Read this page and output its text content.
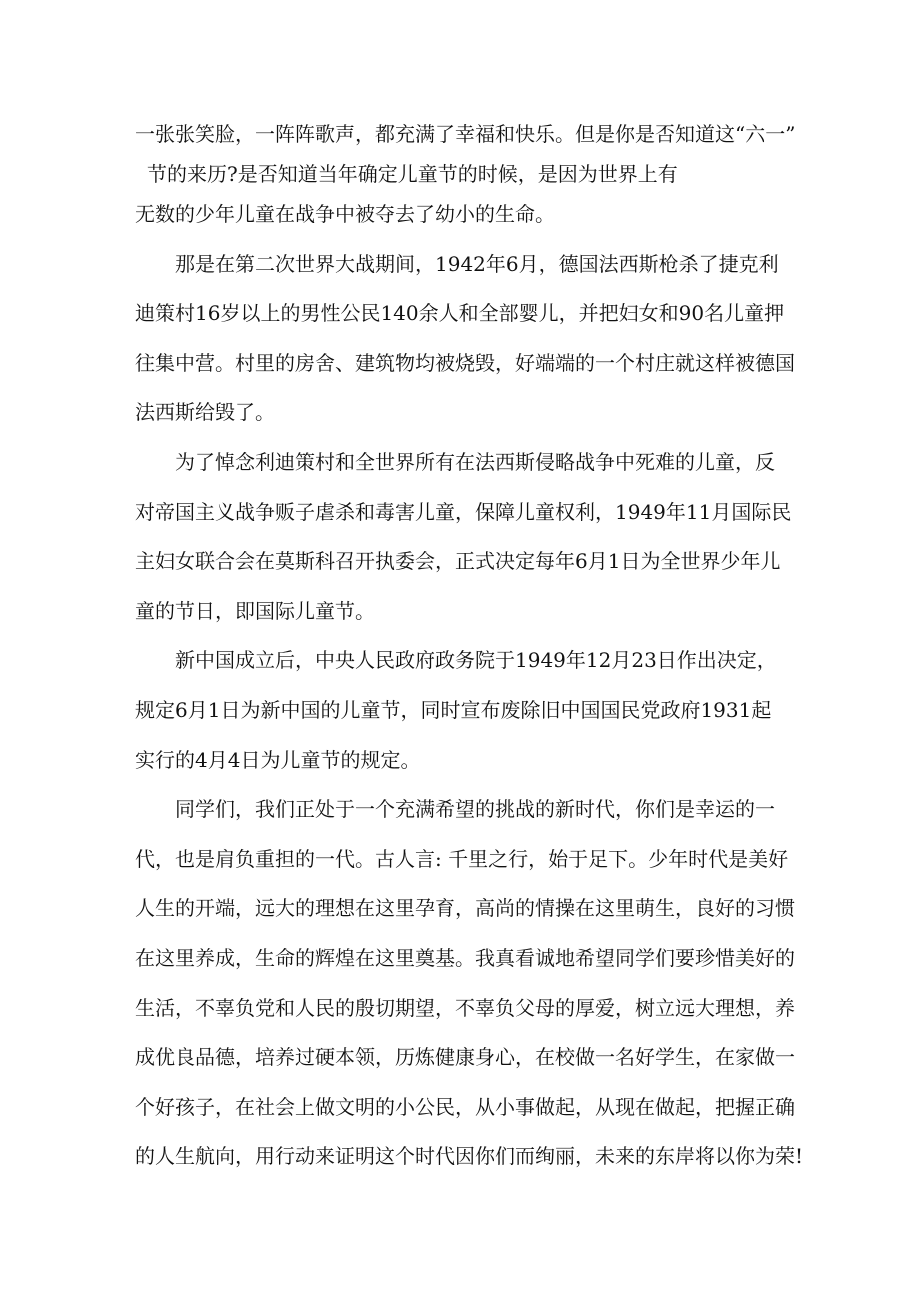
一张张笑脸，一阵阵歌声，都充满了幸福和快乐。但是你是否知道这“六一”
节的来历?是否知道当年确定儿童节的时候，是因为世界上有
无数的少年儿童在战争中被夺去了幼小的生命。
那是在第二次世界大战期间，1942年6月，德国法西斯枪杀了捷克利
迪策村16岁以上的男性公民140余人和全部婴儿，并把妇女和90名儿童押
往集中营。村里的房舍、建筑物均被烧毁，好端端的一个村庄就这样被德国
法西斯给毁了。
为了悼念利迪策村和全世界所有在法西斯侵略战争中死难的儿童，反
对帝国主义战争贩子虐杀和毒害儿童，保障儿童权利，1949年11月国际民
主妇女联合会在莫斯科召开执委会，正式决定每年6月1日为全世界少年儿
童的节日，即国际儿童节。
新中国成立后，中央人民政府政务院于1949年12月23日作出决定，
规定6月1日为新中国的儿童节，同时宣布废除旧中国国民党政府1931起
实行的4月4日为儿童节的规定。
同学们，我们正处于一个充满希望的挑战的新时代，你们是幸运的一
代，也是肩负重担的一代。古人言: 千里之行，始于足下。少年时代是美好
人生的开端，远大的理想在这里孕育，高尚的情操在这里萌生，良好的习惯
在这里养成，生命的辉煌在这里奠基。我真看诚地希望同学们要珍惜美好的
生活，不辜负党和人民的殷切期望，不辜负父母的厚爱，树立远大理想，养
成优良品德，培养过硬本领，历炼健康身心，在校做一名好学生，在家做一
个好孩子，在社会上做文明的小公民，从小事做起，从现在做起，把握正确
的人生航向，用行动来证明这个时代因你们而绚丽，未来的东岸将以你为荣!
